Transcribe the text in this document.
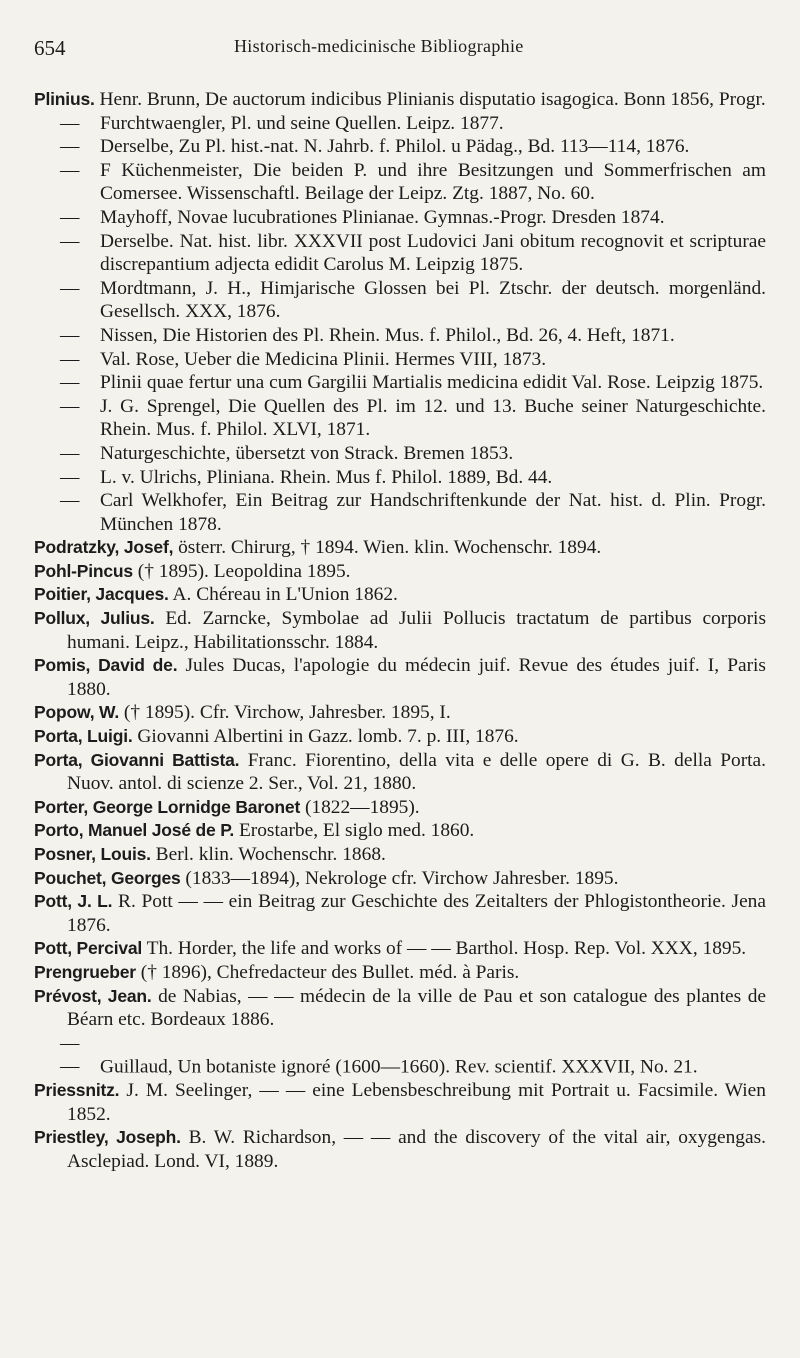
654	Historisch-medicinische Bibliographie

Plinius. Henr. Brunn, De auctorum indicibus Plinianis disputatio isagogica. Bonn 1856, Progr.

— Furchtwaengler, Pl. und seine Quellen. Leipz. 1877.

— Derselbe, Zu Pl. hist.-nat. N. Jahrb. f. Philol. u Pädag., Bd. 113—114, 1876.

— F Küchenmeister, Die beiden P. und ihre Besitzungen und Sommerfrischen am Comersee. Wissenschaftl. Beilage der Leipz. Ztg. 1887, No. 60.

— Mayhoff, Novae lucubrationes Plinianae. Gymnas.-Progr. Dresden 1874.

— Derselbe. Nat. hist. libr. XXXVII post Ludovici Jani obitum recognovit et scripturae discrepantium adjecta edidit Carolus M. Leipzig 1875.

— Mordtmann, J. H., Himjarische Glossen bei Pl. Ztschr. der deutsch. morgenländ. Gesellsch. XXX, 1876.

— Nissen, Die Historien des Pl. Rhein. Mus. f. Philol., Bd. 26, 4. Heft, 1871.

— Val. Rose, Ueber die Medicina Plinii. Hermes VIII, 1873.

— Plinii quae fertur una cum Gargilii Martialis medicina edidit Val. Rose. Leipzig 1875.

— J. G. Sprengel, Die Quellen des Pl. im 12. und 13. Buche seiner Naturgeschichte. Rhein. Mus. f. Philol. XLVI, 1871.

— Naturgeschichte, übersetzt von Strack. Bremen 1853.

— L. v. Ulrichs, Pliniana. Rhein. Mus f. Philol. 1889, Bd. 44.

— Carl Welkhofer, Ein Beitrag zur Handschriftenkunde der Nat. hist. d. Plin. Progr. München 1878.

Podratzky, Josef, österr. Chirurg, † 1894. Wien. klin. Wochenschr. 1894.

Pohl-Pincus († 1895). Leopoldina 1895.

Poitier, Jacques. A. Chéreau in L'Union 1862.

Pollux, Julius. Ed. Zarncke, Symbolae ad Julii Pollucis tractatum de partibus corporis humani. Leipz., Habilitationsschr. 1884.

Pomis, David de. Jules Ducas, l'apologie du médecin juif. Revue des études juif. I, Paris 1880.

Popow, W. († 1895). Cfr. Virchow, Jahresber. 1895, I.

Porta, Luigi. Giovanni Albertini in Gazz. lomb. 7. p. III, 1876.

Porta, Giovanni Battista. Franc. Fiorentino, della vita e delle opere di G. B. della Porta. Nuov. antol. di scienze 2. Ser., Vol. 21, 1880.

Porter, George Lornidge Baronet (1822—1895).

Porto, Manuel José de P. Erostarbe, El siglo med. 1860.

Posner, Louis. Berl. klin. Wochenschr. 1868.

Pouchet, Georges (1833—1894), Nekrologe cfr. Virchow Jahresber. 1895.

Pott, J. L. R. Pott — — ein Beitrag zur Geschichte des Zeitalters der Phlogistontheorie. Jena 1876.

Pott, Percival Th. Horder, the life and works of — — Barthol. Hosp. Rep. Vol. XXX, 1895.

Prengrueber († 1896), Chefredacteur des Bullet. méd. à Paris.

Prévost, Jean. de Nabias, — — médecin de la ville de Pau et son catalogue des plantes de Béarn etc. Bordeaux 1886.

— — Guillaud, Un botaniste ignoré (1600—1660). Rev. scientif. XXXVII, No. 21.

Priessnitz. J. M. Seelinger, — — eine Lebensbeschreibung mit Portrait u. Facsimile. Wien 1852.

Priestley, Joseph. B. W. Richardson, — — and the discovery of the vital air, oxygengas. Asclepiad. Lond. VI, 1889.
